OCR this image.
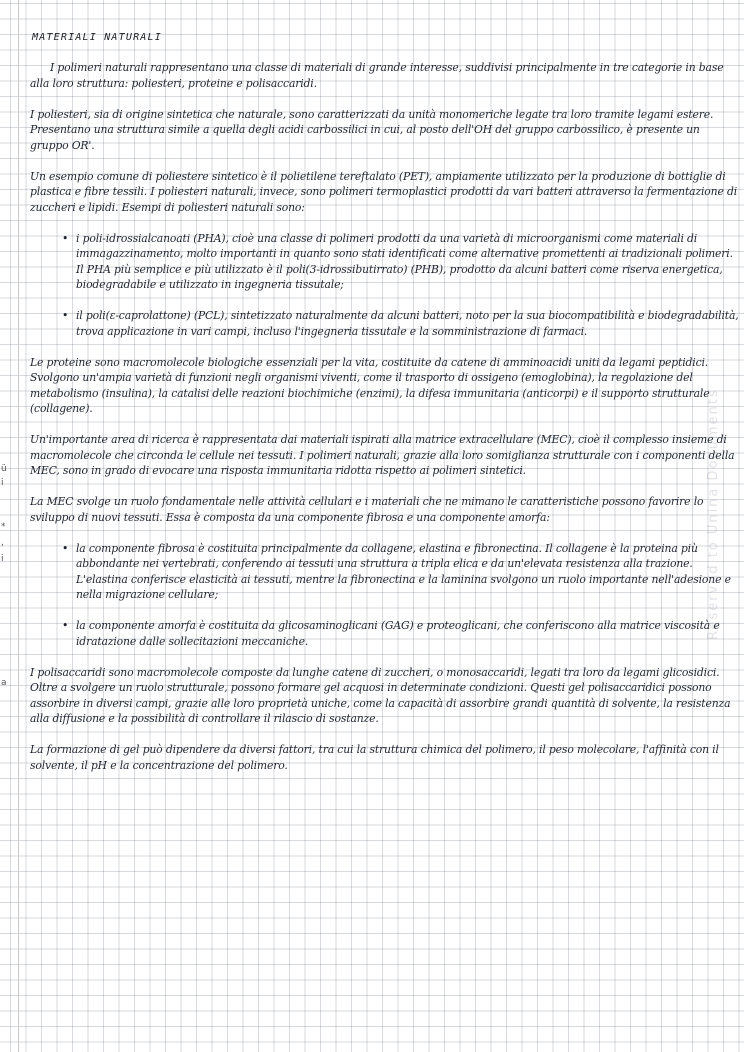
ü
i
*
,
i
a
MATERIALI NATURALI

I polimeri naturali rappresentano una classe di materiali di grande interesse, suddivisi principalmente in tre categorie in base alla loro struttura: poliesteri, proteine e polisaccaridi.

I poliesteri, sia di origine sintetica che naturale, sono caratterizzati da unità monomeriche legate tra loro tramite legami estere. Presentano una struttura simile a quella degli acidi carbossilici in cui, al posto dell'OH del gruppo carbossilico, è presente un gruppo OR'.

Un esempio comune di poliestere sintetico è il polietilene tereftalato (PET), ampiamente utilizzato per la produzione di bottiglie di plastica e fibre tessili. I poliesteri naturali, invece, sono polimeri termoplastici prodotti da vari batteri attraverso la fermentazione di zuccheri e lipidi. Esempi di poliesteri naturali sono:

• i poli-idrossialcanoati (PHA), cioè una classe di polimeri prodotti da una varietà di microorganismi come materiali di immagazzinamento, molto importanti in quanto sono stati identificati come alternative promettenti ai tradizionali polimeri. Il PHA più semplice e più utilizzato è il poli(3-idrossibutirrato) (PHB), prodotto da alcuni batteri come riserva energetica, biodegradabile e utilizzato in ingegneria tissutale;
• il poli(ε-caprolattone) (PCL), sintetizzato naturalmente da alcuni batteri, noto per la sua biocompatibilità e biodegradabilità, trova applicazione in vari campi, incluso l'ingegneria tissutale e la somministrazione di farmaci.

Le proteine sono macromolecole biologiche essenziali per la vita, costituite da catene di amminoacidi uniti da legami peptidici. Svolgono un'ampia varietà di funzioni negli organismi viventi, come il trasporto di ossigeno (emoglobina), la regolazione del metabolismo (insulina), la catalisi delle reazioni biochimiche (enzimi), la difesa immunitaria (anticorpi) e il supporto strutturale (collagene).

Un'importante area di ricerca è rappresentata dai materiali ispirati alla matrice extracellulare (MEC), cioè il complesso insieme di macromolecole che circonda le cellule nei tessuti. I polimeri naturali, grazie alla loro somiglianza strutturale con i componenti della MEC, sono in grado di evocare una risposta immunitaria ridotta rispetto ai polimeri sintetici.

La MEC svolge un ruolo fondamentale nelle attività cellulari e i materiali che ne mimano le caratteristiche possono favorire lo sviluppo di nuovi tessuti. Essa è composta da una componente fibrosa e una componente amorfa:

• la componente fibrosa è costituita principalmente da collagene, elastina e fibronectina. Il collagene è la proteina più abbondante nei vertebrati, conferendo ai tessuti una struttura a tripla elica e da un'elevata resistenza alla trazione. L'elastina conferisce elasticità ai tessuti, mentre la fibronectina e la laminina svolgono un ruolo importante nell'adesione e nella migrazione cellulare;
• la componente amorfa è costituita da glicosaminoglicani (GAG) e proteoglicani, che conferiscono alla matrice viscosità e idratazione dalle sollecitazioni meccaniche.

I polisaccaridi sono macromolecole composte da lunghe catene di zuccheri, o monosaccaridi, legati tra loro da legami glicosidici. Oltre a svolgere un ruolo strutturale, possono formare gel acquosi in determinate condizioni. Questi gel polisaccaridici possono assorbire in diversi campi, grazie alle loro proprietà uniche, come la capacità di assorbire grandi quantità di solvente, la resistenza alla diffusione e la possibilità di controllare il rilascio di sostanze.

La formazione di gel può dipendere da diversi fattori, tra cui la struttura chimica del polimero, il peso molecolare, l'affinità con il solvente, il pH e la concentrazione del polimero.

Reserved to Unina Documents
